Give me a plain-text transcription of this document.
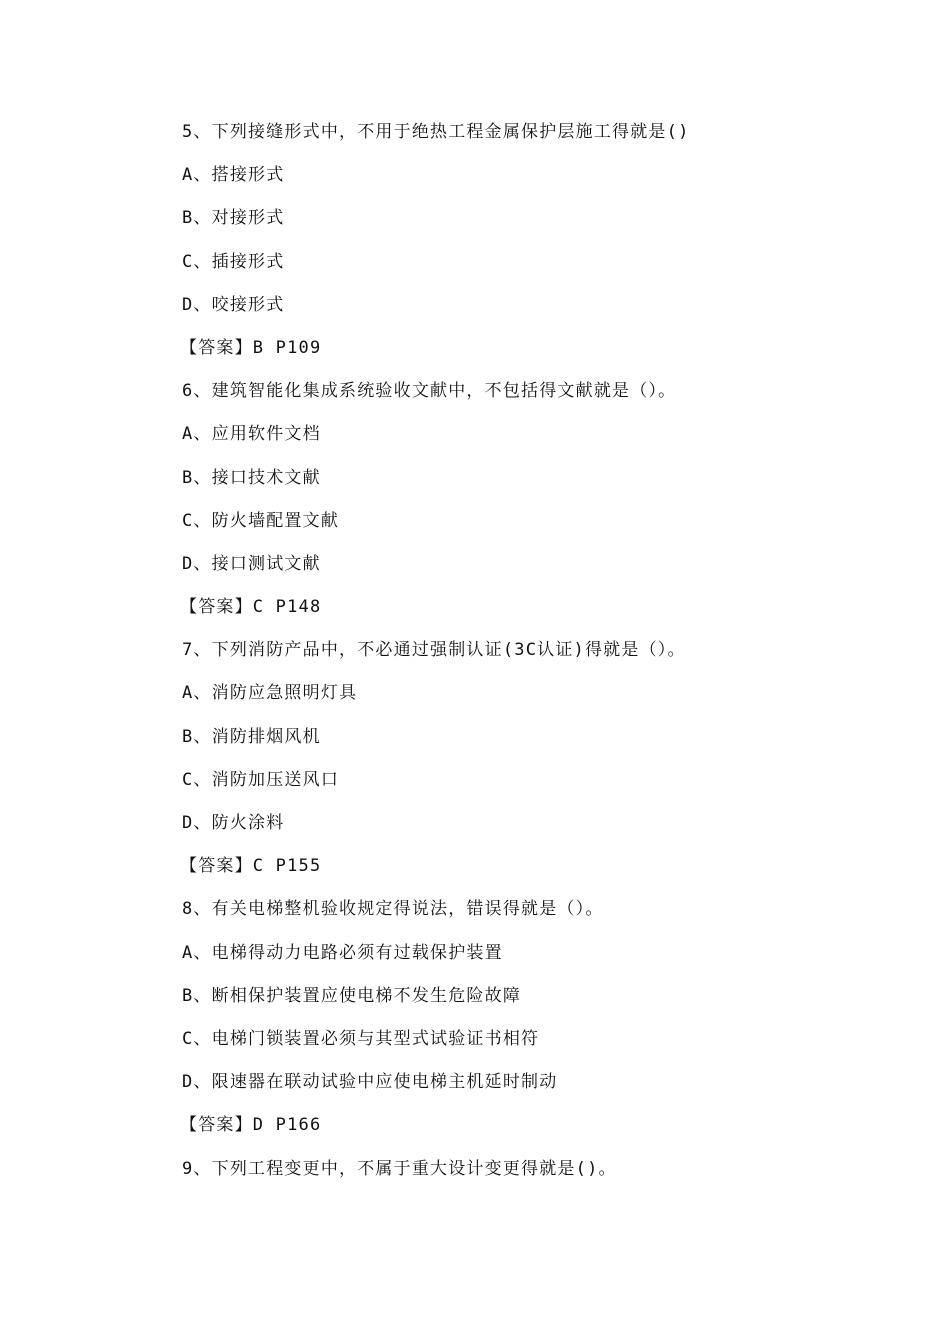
5、下列接缝形式中，不用于绝热工程金属保护层施工得就是()
A、搭接形式
B、对接形式
C、插接形式
D、咬接形式
【答案】B P109
6、建筑智能化集成系统验收文献中，不包括得文献就是（）。
A、应用软件文档
B、接口技术文献
C、防火墙配置文献
D、接口测试文献
【答案】C P148
7、下列消防产品中，不必通过强制认证(3C认证)得就是（）。
A、消防应急照明灯具
B、消防排烟风机
C、消防加压送风口
D、防火涂料
【答案】C P155
8、有关电梯整机验收规定得说法，错误得就是（）。
A、电梯得动力电路必须有过载保护装置
B、断相保护装置应使电梯不发生危险故障
C、电梯门锁装置必须与其型式试验证书相符
D、限速器在联动试验中应使电梯主机延时制动
【答案】D P166
9、下列工程变更中，不属于重大设计变更得就是()。
